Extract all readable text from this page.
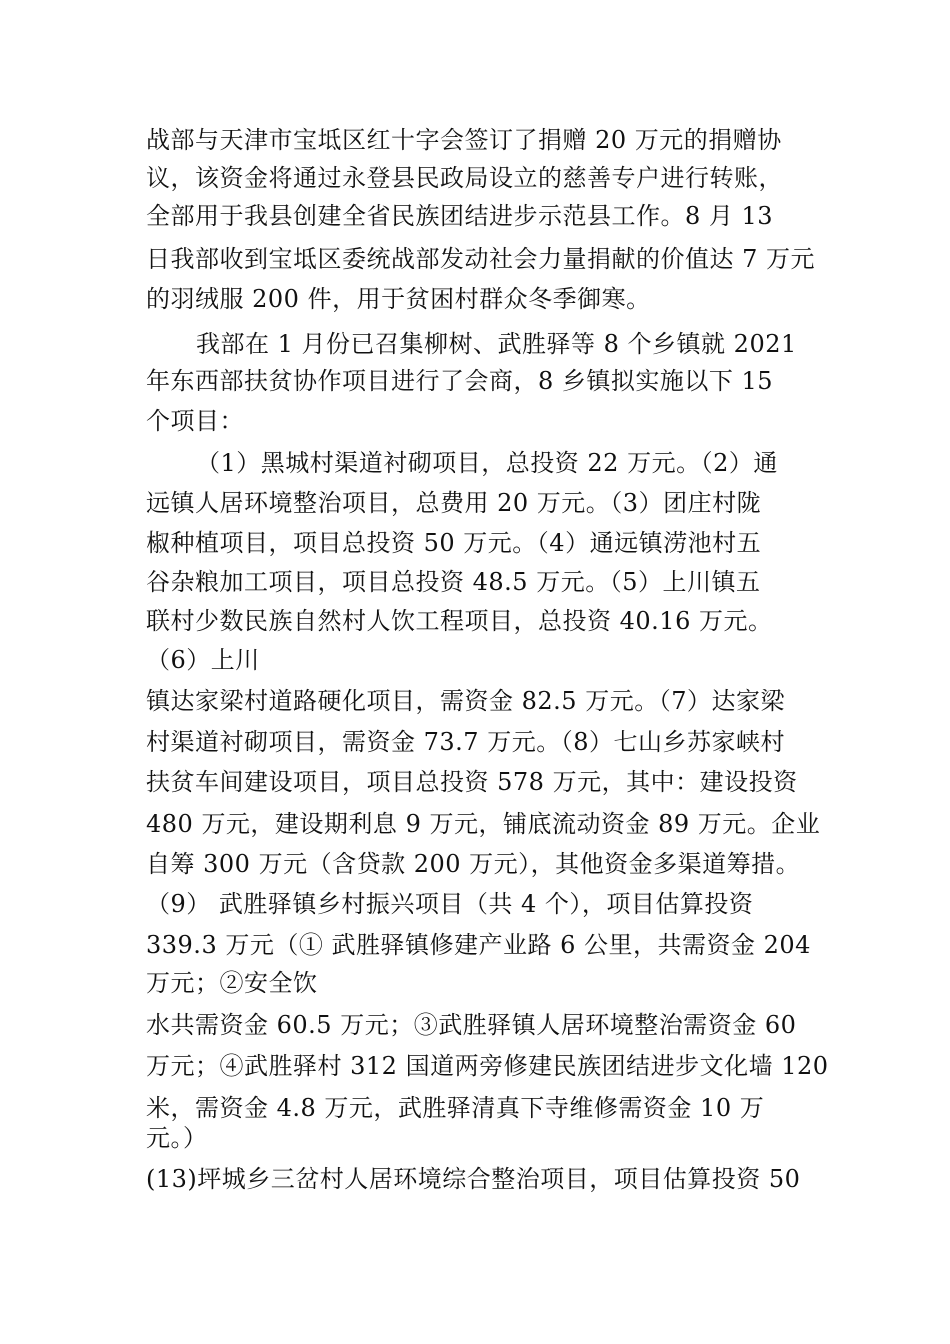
战部与天津市宝坻区红十字会签订了捐赠 20 万元的捐赠协
议，该资金将通过永登县民政局设立的慈善专户进行转账，
全部用于我县创建全省民族团结进步示范县工作。8 月 13
日我部收到宝坻区委统战部发动社会力量捐献的价值达 7 万元
的羽绒服 200 件，用于贫困村群众冬季御寒。
我部在 1 月份已召集柳树、武胜驿等 8 个乡镇就 2021
年东西部扶贫协作项目进行了会商，8 乡镇拟实施以下 15
个项目：
（1）黑城村渠道衬砌项目，总投资 22 万元。（2）通
远镇人居环境整治项目，总费用 20 万元。（3）团庄村陇
椒种植项目，项目总投资 50 万元。（4）通远镇涝池村五
谷杂粮加工项目，项目总投资 48.5 万元。（5）上川镇五
联村少数民族自然村人饮工程项目，总投资 40.16 万元。
（6）上川
镇达家梁村道路硬化项目，需资金 82.5 万元。（7）达家梁
村渠道衬砌项目，需资金 73.7 万元。（8）七山乡苏家峡村
扶贫车间建设项目，项目总投资 578 万元，其中：建设投资
480 万元，建设期利息 9 万元，铺底流动资金 89 万元。企业
自筹 300 万元（含贷款 200 万元），其他资金多渠道筹措。
（9） 武胜驿镇乡村振兴项目（共 4 个），项目估算投资
339.3 万元（① 武胜驿镇修建产业路 6 公里，共需资金 204
万元；②安全饮
水共需资金 60.5 万元；③武胜驿镇人居环境整治需资金 60
万元；④武胜驿村 312 国道两旁修建民族团结进步文化墙 120
米，需资金 4.8 万元，武胜驿清真下寺维修需资金 10 万
元。）
(13)坪城乡三岔村人居环境综合整治项目，项目估算投资 50
